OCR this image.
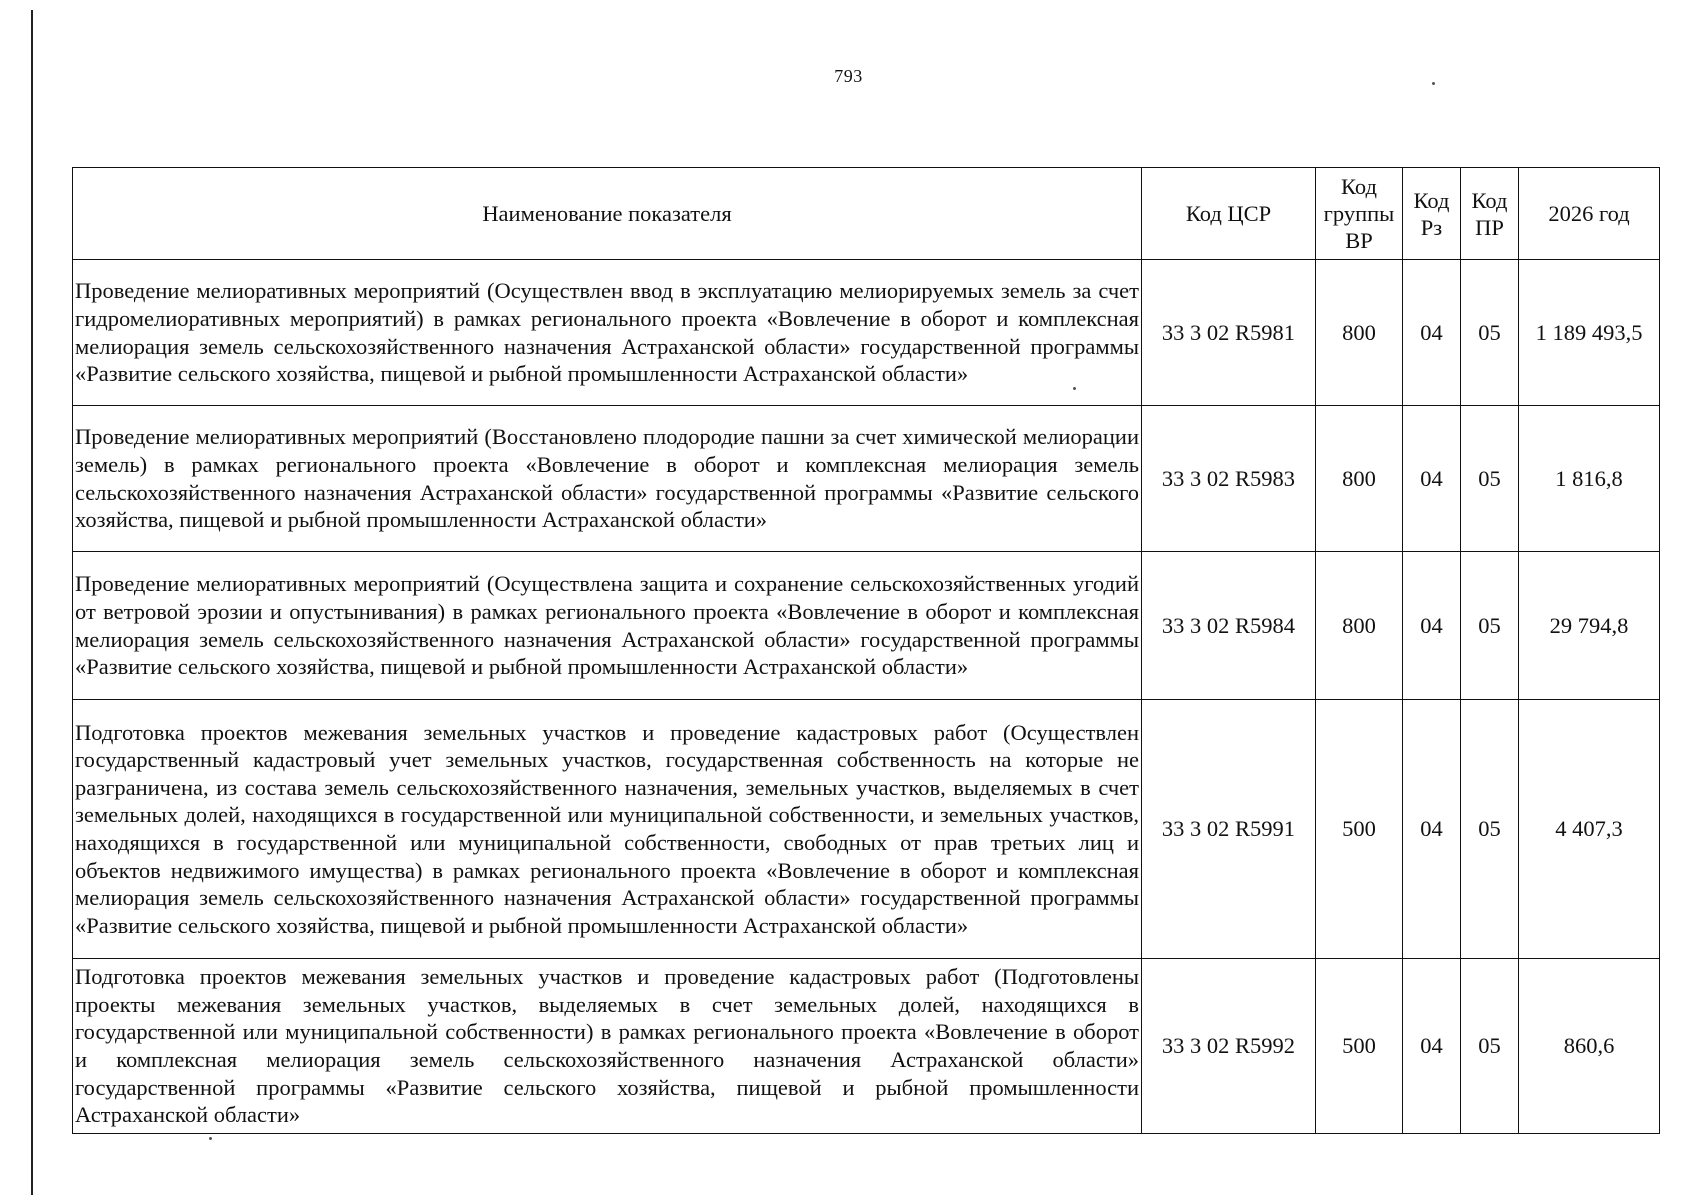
793
Наименование показателя	Код ЦСР	Код группы ВР	Код Рз	Код ПР	2026 год
Проведение мелиоративных мероприятий (Осуществлен ввод в эксплуатацию мелиорируемых земель за счет гидромелиоративных мероприятий) в рамках регионального проекта «Вовлечение в оборот и комплексная мелиорация земель сельскохозяйственного назначения Астраханской области» государственной программы «Развитие сельского хозяйства, пищевой и рыбной промышленности Астраханской области»	33 3 02 R5981	800	04	05	1 189 493,5
Проведение мелиоративных мероприятий (Восстановлено плодородие пашни за счет химической мелиорации земель) в рамках регионального проекта «Вовлечение в оборот и комплексная мелиорация земель сельскохозяйственного назначения Астраханской области» государственной программы «Развитие сельского хозяйства, пищевой и рыбной промышленности Астраханской области»	33 3 02 R5983	800	04	05	1 816,8
Проведение мелиоративных мероприятий (Осуществлена защита и сохранение сельскохозяйственных угодий от ветровой эрозии и опустынивания) в рамках регионального проекта «Вовлечение в оборот и комплексная мелиорация земель сельскохозяйственного назначения Астраханской области» государственной программы «Развитие сельского хозяйства, пищевой и рыбной промышленности Астраханской области»	33 3 02 R5984	800	04	05	29 794,8
Подготовка проектов межевания земельных участков и проведение кадастровых работ (Осуществлен государственный кадастровый учет земельных участков, государственная собственность на которые не разграничена, из состава земель сельскохозяйственного назначения, земельных участков, выделяемых в счет земельных долей, находящихся в государственной или муниципальной собственности, и земельных участков, находящихся в государственной или муниципальной собственности, свободных от прав третьих лиц и объектов недвижимого имущества) в рамках регионального проекта «Вовлечение в оборот и комплексная мелиорация земель сельскохозяйственного назначения Астраханской области» государственной программы «Развитие сельского хозяйства, пищевой и рыбной промышленности Астраханской области»	33 3 02 R5991	500	04	05	4 407,3
Подготовка проектов межевания земельных участков и проведение кадастровых работ (Подготовлены проекты межевания земельных участков, выделяемых в счет земельных долей, находящихся в государственной или муниципальной собственности) в рамках регионального проекта «Вовлечение в оборот и комплексная мелиорация земель сельскохозяйственного назначения Астраханской области» государственной программы «Развитие сельского хозяйства, пищевой и рыбной промышленности Астраханской области»	33 3 02 R5992	500	04	05	860,6
